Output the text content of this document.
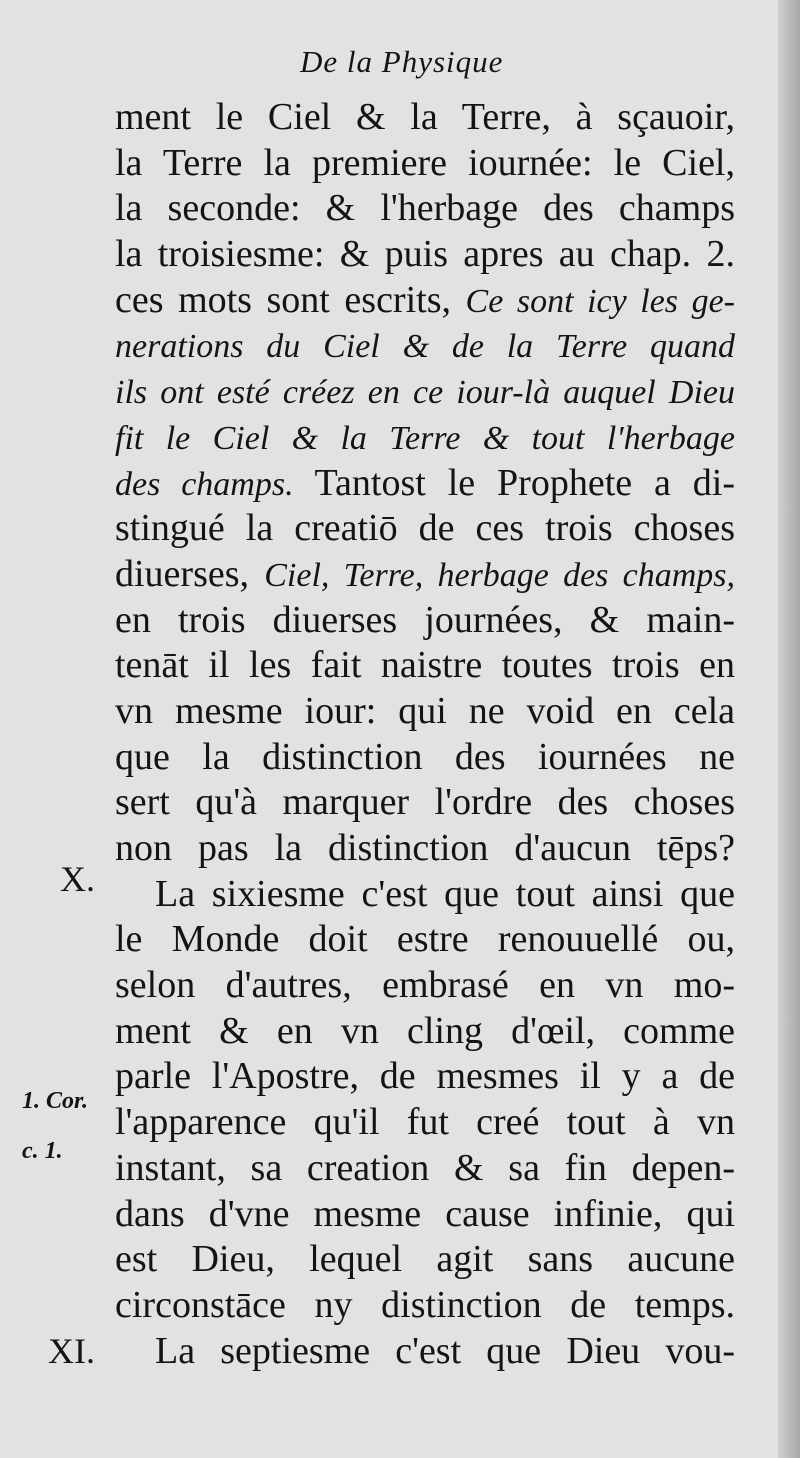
De la Physique
ment le Ciel & la Terre, à sçauoir,
la Terre la premiere iournée: le Ciel,
la seconde: & l'herbage des champs
la troisiesme: & puis apres au chap. 2.
ces mots sont escrits, Ce sont icy les ge-
nerations du Ciel & de la Terre quand
ils ont esté créez en ce iour-là auquel Dieu
fit le Ciel & la Terre & tout l'herbage
des champs. Tantost le Prophete a di-
stingué la creatiō de ces trois choses
diuerses, Ciel, Terre, herbage des champs,
en trois diuerses journées, & main-
tenāt il les fait naistre toutes trois en
vn mesme iour: qui ne void en cela
que la distinction des iournées ne
sert qu'à marquer l'ordre des choses
non pas la distinction d'aucun tēps?
La sixiesme c'est que tout ainsi que
le Monde doit estre renouuellé ou,
selon d'autres, embrasé en vn mo-
ment & en vn cling d'œil, comme
parle l'Apostre, de mesmes il y a de
l'apparence qu'il fut creé tout à vn
instant, sa creation & sa fin depen-
dans d'vne mesme cause infinie, qui
est Dieu, lequel agit sans aucune
circonstāce ny distinction de temps.
La septiesme c'est que Dieu vou-
X.
1. Cor.
c. 1.
XI.
